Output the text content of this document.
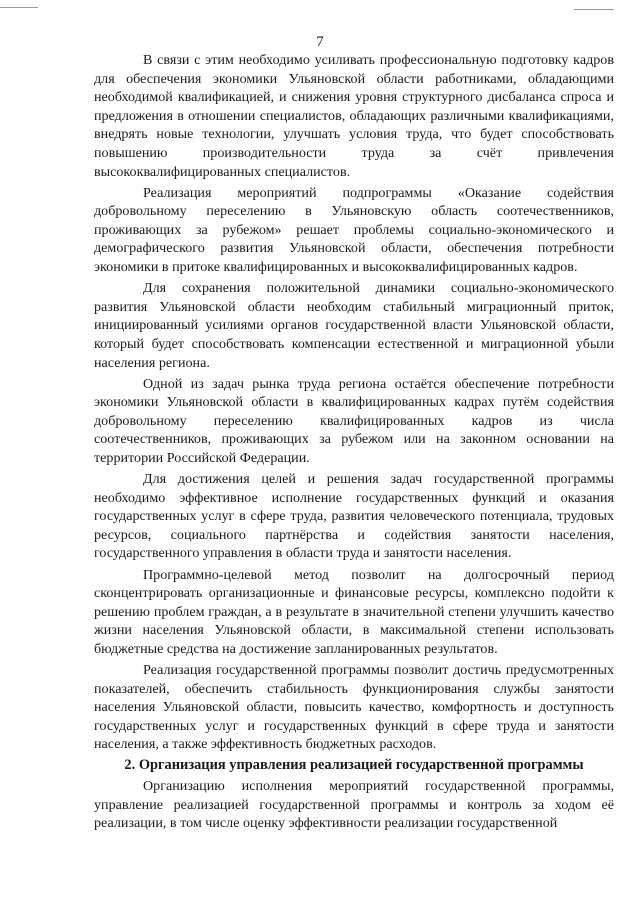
7

В связи с этим необходимо усиливать профессиональную подготовку кадров для обеспечения экономики Ульяновской области работниками, обладающими необходимой квалификацией, и снижения уровня структурного дисбаланса спроса и предложения в отношении специалистов, обладающих различными квалификациями, внедрять новые технологии, улучшать условия труда, что будет способствовать повышению производительности труда за счёт привлечения высококвалифицированных специалистов.

Реализация мероприятий подпрограммы «Оказание содействия добровольному переселению в Ульяновскую область соотечественников, проживающих за рубежом» решает проблемы социально-экономического и демографического развития Ульяновской области, обеспечения потребности экономики в притоке квалифицированных и высококвалифицированных кадров.

Для сохранения положительной динамики социально-экономического развития Ульяновской области необходим стабильный миграционный приток, инициированный усилиями органов государственной власти Ульяновской области, который будет способствовать компенсации естественной и миграционной убыли населения региона.

Одной из задач рынка труда региона остаётся обеспечение потребности экономики Ульяновской области в квалифицированных кадрах путём содействия добровольному переселению квалифицированных кадров из числа соотечественников, проживающих за рубежом или на законном основании на территории Российской Федерации.

Для достижения целей и решения задач государственной программы необходимо эффективное исполнение государственных функций и оказания государственных услуг в сфере труда, развития человеческого потенциала, трудовых ресурсов, социального партнёрства и содействия занятости населения, государственного управления в области труда и занятости населения.

Программно-целевой метод позволит на долгосрочный период сконцентрировать организационные и финансовые ресурсы, комплексно подойти к решению проблем граждан, а в результате в значительной степени улучшить качество жизни населения Ульяновской области, в максимальной степени использовать бюджетные средства на достижение запланированных результатов.

Реализация государственной программы позволит достичь предусмотренных показателей, обеспечить стабильность функционирования службы занятости населения Ульяновской области, повысить качество, комфортность и доступность государственных услуг и государственных функций в сфере труда и занятости населения, а также эффективность бюджетных расходов.

2. Организация управления реализацией государственной программы

Организацию исполнения мероприятий государственной программы, управление реализацией государственной программы и контроль за ходом её реализации, в том числе оценку эффективности реализации государственной
